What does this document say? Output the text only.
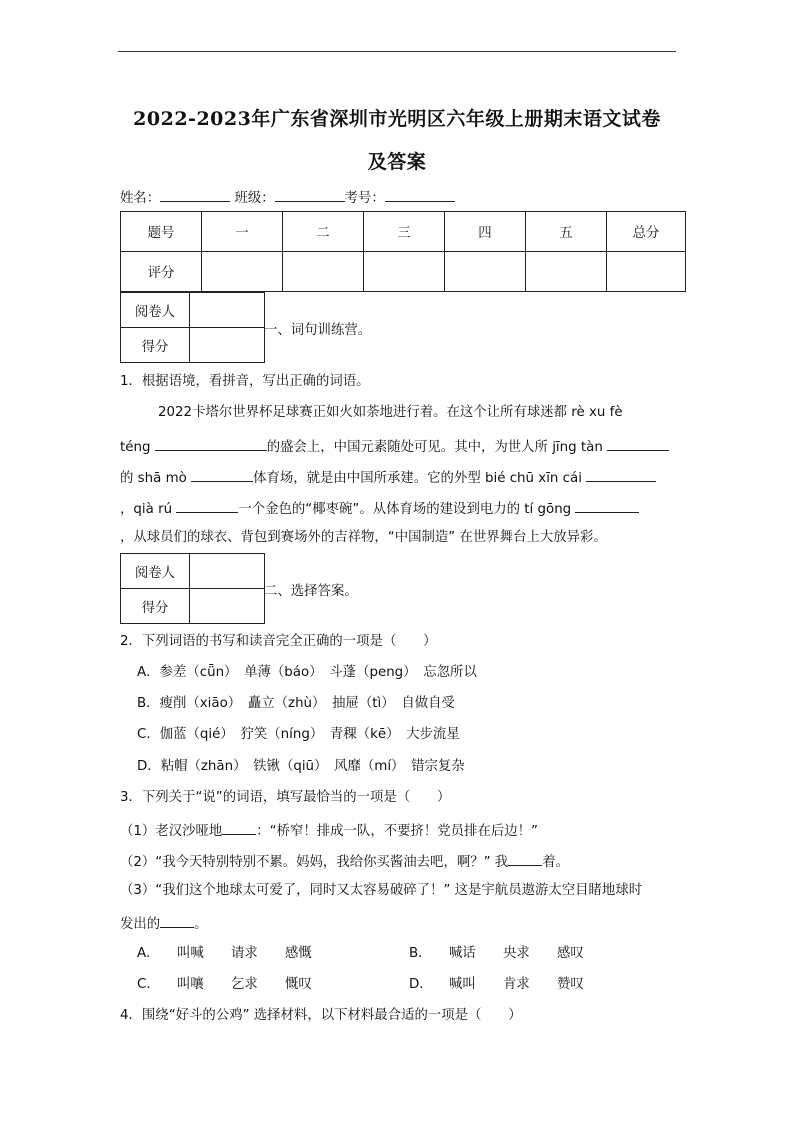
2022-2023年广东省深圳市光明区六年级上册期末语文试卷
及答案
姓名：	班级：	考号：
题号	一	二	三	四	五	总分
评分						
阅卷人	
得分	
一、词句训练营。
1．根据语境，看拼音，写出正确的词语。
2022卡塔尔世界杯足球赛正如火如荼地进行着。在这个让所有球迷都 rè xu fè
téng	的盛会上，中国元素随处可见。其中，为世人所 jīng tàn
的 shā mò	体育场，就是由中国所承建。它的外型 bié chū xīn cái
，qià rú	一个金色的“椰枣碗”。从体育场的建设到电力的 tí gōng
，从球员们的球衣、背包到赛场外的吉祥物，“中国制造” 在世界舞台上大放异彩。
阅卷人	
得分	
二、选择答案。
2．下列词语的书写和读音完全正确的一项是（　　）
A．参差（cǖn）　单薄（báo）　斗蓬（peng）　忘忽所以
B．瘦削（xiāo）　矗立（zhù）　抽屉（tì）　自做自受
C．伽蓝（qié）　狞笑（níng）　青稞（kē）　大步流星
D．粘帽（zhān）　铁锹（qiū）　风靡（mí）　错宗复杂
3．下列关于“说”的词语，填写最恰当的一项是（　　）
（1）老汉沙哑地	：“桥窄！排成一队，不要挤！党员排在后边！”
（2）“我今天特别特别不累。妈妈，我给你买酱油去吧，啊？” 我	着。
（3）“我们这个地球太可爱了，同时又太容易破碎了！” 这是宇航员遨游太空目睹地球时
发出的	。
A． 叫喊 请求 感慨	B． 喊话 央求 感叹
C． 叫嚷 乞求 慨叹	D． 喊叫 肯求 赞叹
4．围绕“好斗的公鸡” 选择材料，以下材料最合适的一项是（　　）
